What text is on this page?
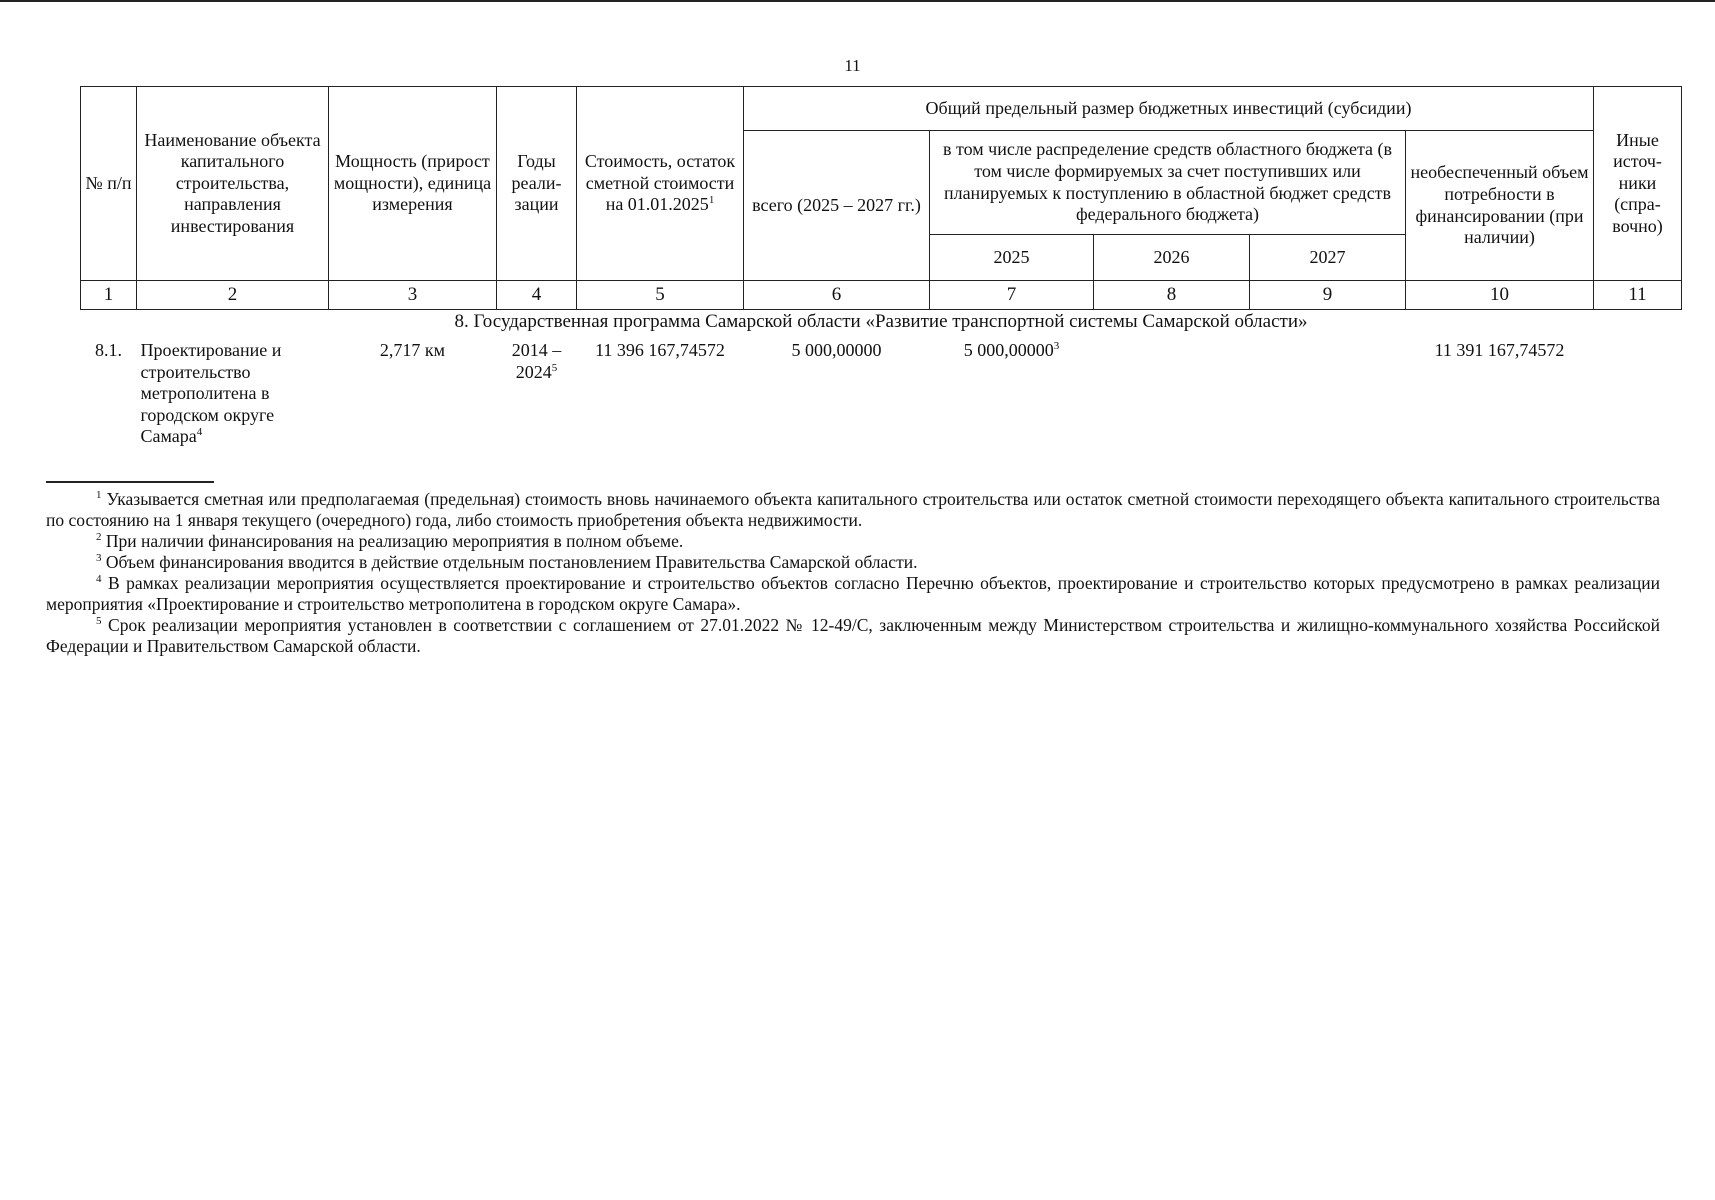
11
№ п/п	Наименование объекта капитального строительства, направления инвестирования	Мощность (прирост мощности), единица измерения	Годы реали-зации	Стоимость, остаток сметной стоимости на 01.01.2025$^1$	Общий предельный размер бюджетных инвестиций (субсидии)					Иные источ-ники (спра-вочно)
					всего (2025 – 2027 гг.)	в том числе распределение средств областного бюджета (в том числе формируемых за счет поступивших или планируемых к поступлению в областной бюджет средств федерального бюджета)			необеспеченный объем потребности в финансировании (при наличии)	
						2025	2026	2027		
1	2	3	4	5	6	7	8	9	10	11
8. Государственная программа Самарской области «Развитие транспортной системы Самарской области»										
8.1.	Проектирование и строительство метрополитена в городском округе Самара$^4$	2,717 км	2014 – 2024$^5$	11 396 167,74572	5 000,00000	5 000,00000$^3$			11 391 167,74572	

$^1$ Указывается сметная или предполагаемая (предельная) стоимость вновь начинаемого объекта капитального строительства или остаток сметной стоимости переходящего объекта капитального строительства по состоянию на 1 января текущего (очередного) года, либо стоимость приобретения объекта недвижимости.

$^2$ При наличии финансирования на реализацию мероприятия в полном объеме.

$^3$ Объем финансирования вводится в действие отдельным постановлением Правительства Самарской области.

$^4$ В рамках реализации мероприятия осуществляется проектирование и строительство объектов согласно Перечню объектов, проектирование и строительство которых предусмотрено в рамках реализации мероприятия «Проектирование и строительство метрополитена в городском округе Самара».

$^5$ Срок реализации мероприятия установлен в соответствии с соглашением от 27.01.2022 № 12-49/С, заключенным между Министерством строительства и жилищно-коммунального хозяйства Российской Федерации и Правительством Самарской области.
